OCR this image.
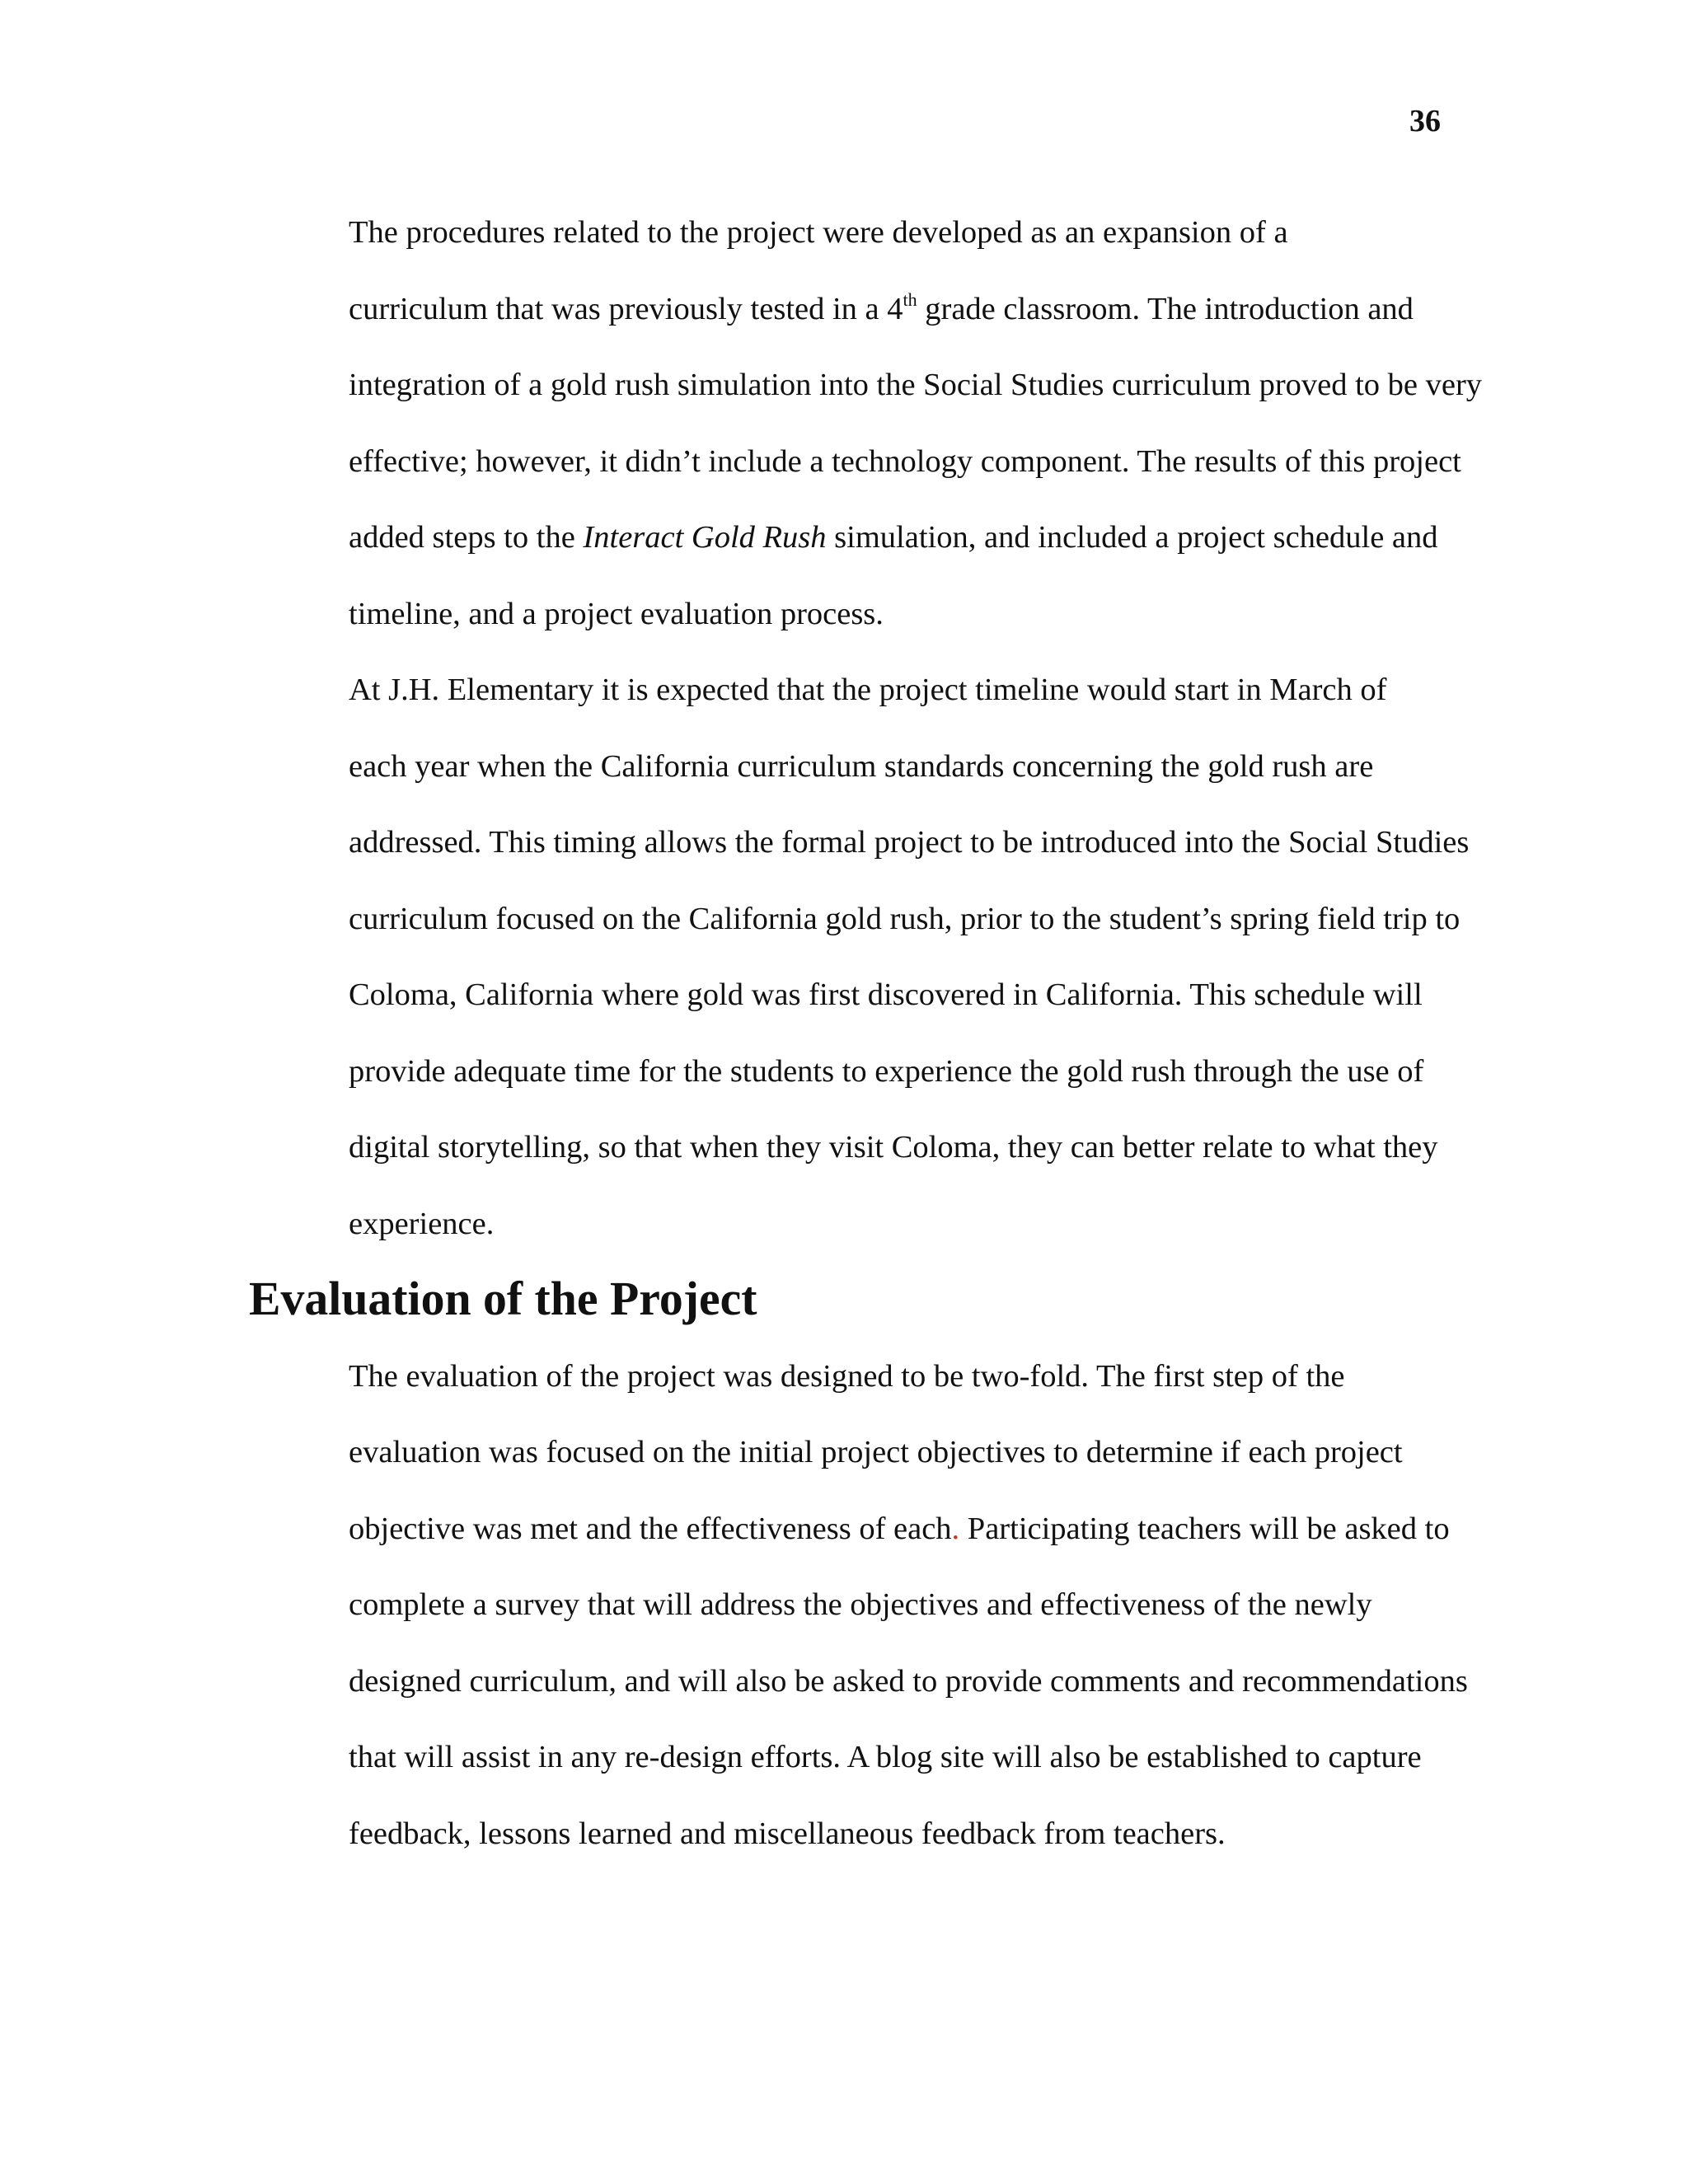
36

The procedures related to the project were developed as an expansion of a
curriculum that was previously tested in a 4th grade classroom. The introduction and
integration of a gold rush simulation into the Social Studies curriculum proved to be very
effective; however, it didn’t include a technology component. The results of this project
added steps to the Interact Gold Rush simulation, and included a project schedule and
timeline, and a project evaluation process.

At J.H. Elementary it is expected that the project timeline would start in March of
each year when the California curriculum standards concerning the gold rush are
addressed. This timing allows the formal project to be introduced into the Social Studies
curriculum focused on the California gold rush, prior to the student’s spring field trip to
Coloma, California where gold was first discovered in California. This schedule will
provide adequate time for the students to experience the gold rush through the use of
digital storytelling, so that when they visit Coloma, they can better relate to what they
experience.

Evaluation of the Project

The evaluation of the project was designed to be two-fold. The first step of the
evaluation was focused on the initial project objectives to determine if each project
objective was met and the effectiveness of each. Participating teachers will be asked to
complete a survey that will address the objectives and effectiveness of the newly
designed curriculum, and will also be asked to provide comments and recommendations
that will assist in any re-design efforts. A blog site will also be established to capture
feedback, lessons learned and miscellaneous feedback from teachers.
